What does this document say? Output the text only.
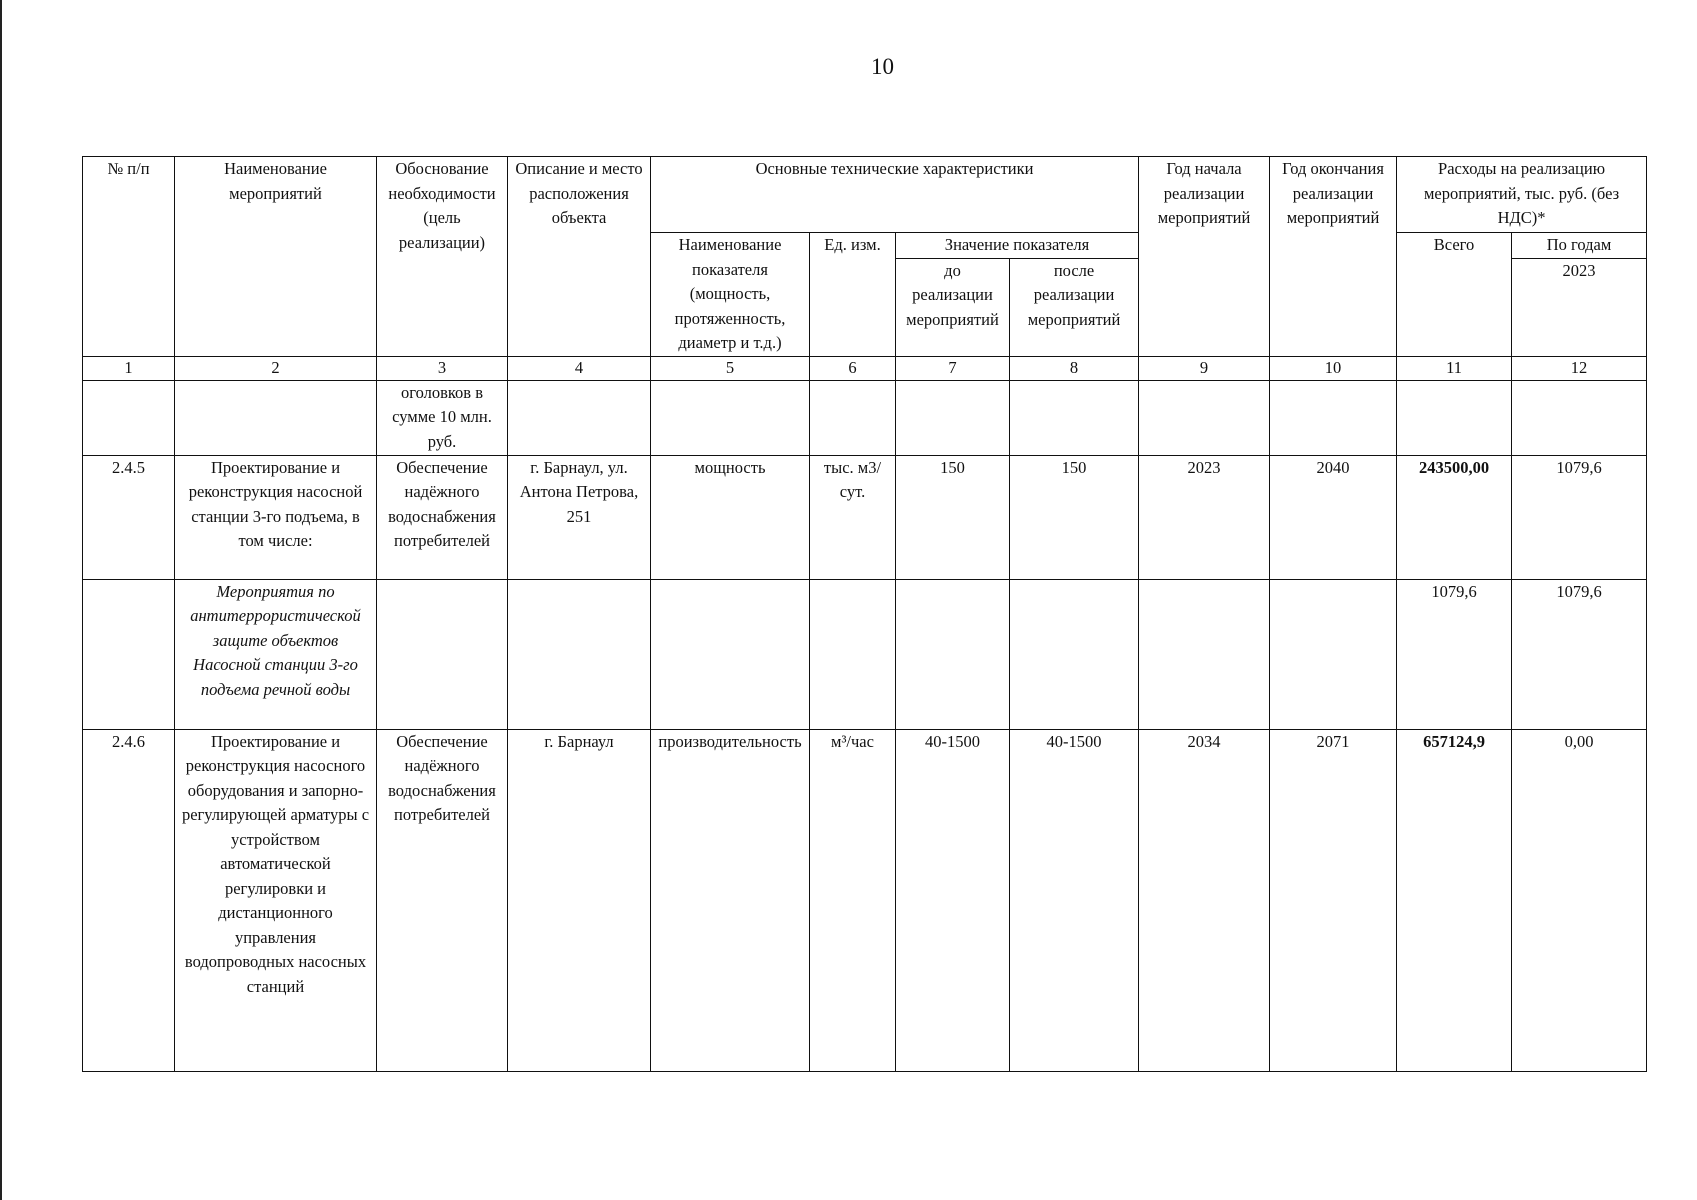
10
№ п/п	Наименование мероприятий	Обоснование необходимости (цель реализации)	Описание и место расположения объекта	Основные технические характеристики				Год начала реализации мероприятий	Год окончания реализации мероприятий	Расходы на реализацию мероприятий, тыс. руб. (без НДС)*	
				Наименование показателя (мощность, протяженность, диаметр и т.д.)	Ед. изм.	Значение показателя				Всего	По годам
						до реализации мероприятий	после реализации мероприятий				2023
1	2	3	4	5	6	7	8	9	10	11	12
		оголовков в сумме 10 млн. руб.									
2.4.5	Проектирование и реконструкция насосной станции 3-го подъема, в том числе:	Обеспечение надёжного водоснабжения потребителей	г. Барнаул, ул. Антона Петрова, 251	мощность	тыс. м3/сут.	150	150	2023	2040	243500,00	1079,6
	Мероприятия по антитеррористической защите объектов Насосной станции 3-го подъема речной воды									1079,6	1079,6
2.4.6	Проектирование и реконструкция насосного оборудования и запорно-регулирующей арматуры с устройством автоматической регулировки и дистанционного управления водопроводных насосных станций	Обеспечение надёжного водоснабжения потребителей	г. Барнаул	производительность	м³/час	40-1500	40-1500	2034	2071	657124,9	0,00
